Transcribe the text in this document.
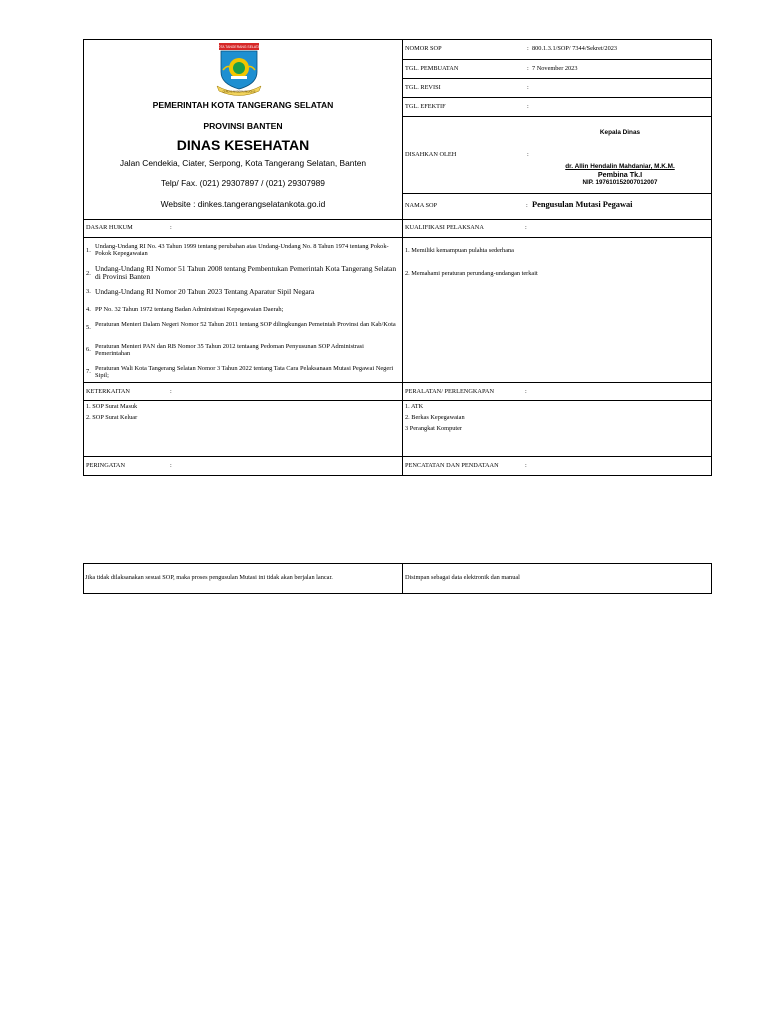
KOTA TANGERANG SELATAN
CERDAS MODERN RELIGIUS
PEMERINTAH KOTA TANGERANG SELATAN
PROVINSI BANTEN
DINAS KESEHATAN
Jalan Cendekia, Ciater, Serpong, Kota Tangerang Selatan, Banten
Telp/ Fax. (021) 29307897 / (021) 29307989
Website : dinkes.tangerangselatankota.go.id
NOMOR SOP	: 800.1.3.1/SOP/ 7344/Sekret/2023
TGL. PEMBUATAN	: 7 November 2023
TGL. REVISI	:
TGL. EFEKTIF	:
DISAHKAN OLEH	:
Kepala Dinas
dr. Allin Hendalin Mahdaniar, M.K.M.
Pembina Tk.I
NIP. 197610152007012007
NAMA SOP	: Pengusulan Mutasi Pegawai
DASAR HUKUM	:	KUALIFIKASI PELAKSANA	:
1.
Undang-Undang RI No. 43 Tahun 1999 tentang perubahan atas Undang-Undang No. 8 Tahun 1974 tentang Pokok-Pokok Kepegawaian
2.
Undang-Undang RI Nomor 51 Tahun 2008 tentang Pembentukan Pemerintah Kota Tangerang Selatan di Provinsi Banten
3. Undang-Undang RI Nomor 20 Tahun 2023 Tentang Aparatur Sipil Negara
4. PP No. 32 Tahun 1972 tentang Badan Administrasi Kepegawaian Daerah;
5. Peraturan Menteri Dalam Negeri Nomor 52 Tahun 2011 tentang SOP dilingkungan Pemeintah Provinsi dan Kab/Kota
6. Peraturan Menteri PAN dan RB Nomor 35 Tahun 2012 tentaang Pedoman Penyusunan SOP Administrasi Pemerintahan
7. Peraturan Wali Kota Tangerang Selatan Nomor 3 Tahun 2022 tentang Tata Cara Pelaksanaan Mutasi Pegawai Negeri Sipil;
1. Memiliki kemampuan pulahta sederhana
2. Memahami peraturan perundang-undangan terkait
KETERKAITAN	:	PERALATAN/ PERLENGKAPAN	:
1. SOP Surat Masuk
2. SOP Surat Keluar
1. ATK
2. Berkas Kepegawaian
3 Perangkat Komputer
PERINGATAN	:	PENCATATAN DAN PENDATAAN	:
Jika tidak dilaksanakan sesuai SOP, maka proses pengusulan Mutasi ini tidak akan berjalan lancar.	Disimpan sebagai data elektronik dan manual
